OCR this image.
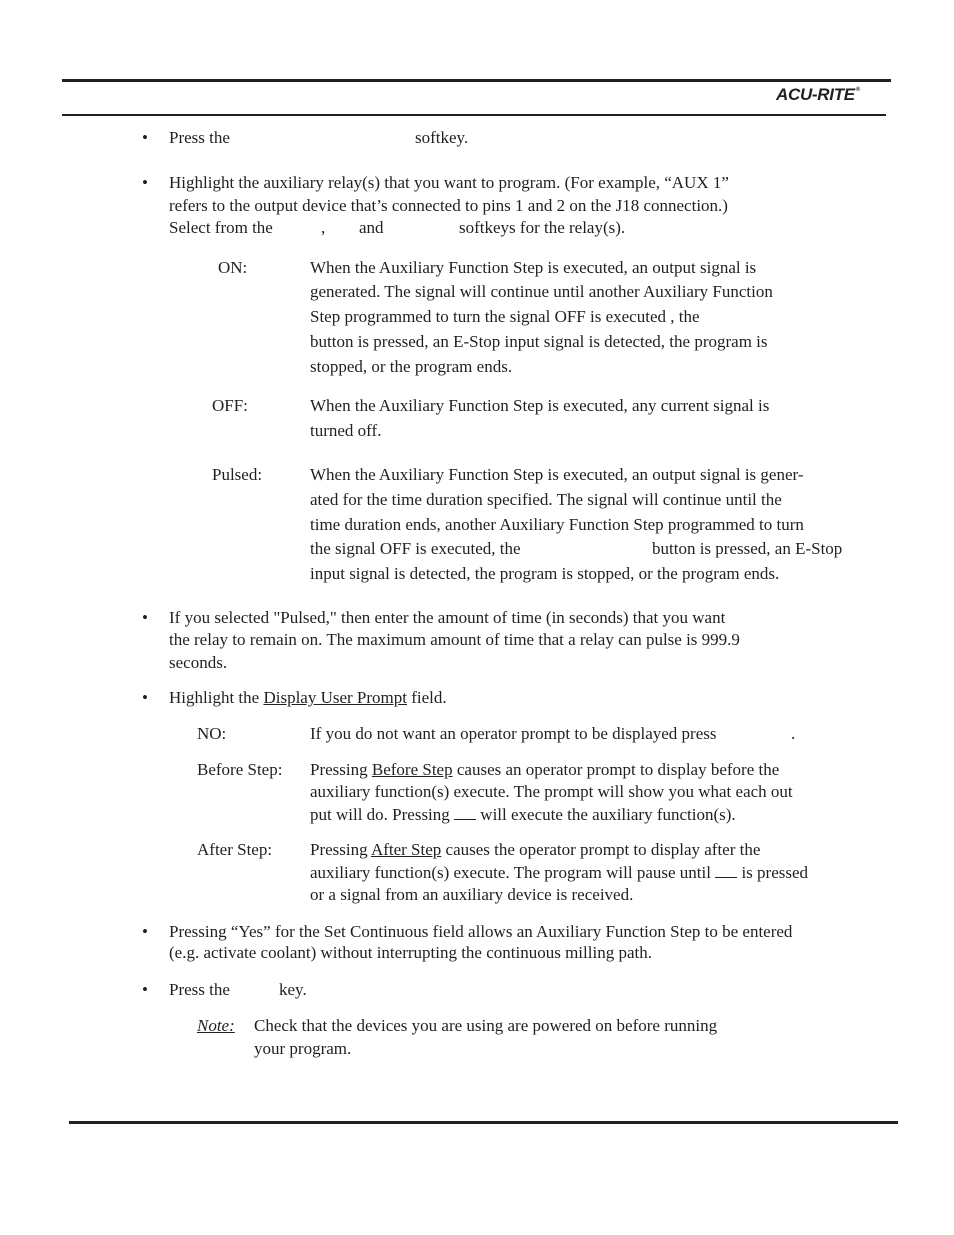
ACU-RITE®
• Press the	softkey.
• Highlight the auxiliary relay(s) that you want to program. (For example, “AUX 1”
refers to the output device that’s connected to pins 1 and 2 on the J18 connection.)
Select from the	, and	softkeys for the relay(s).
ON:	When the Auxiliary Function Step is executed, an output signal is
generated. The signal will continue until another Auxiliary Function
Step programmed to turn the signal OFF is executed , the
button is pressed, an E-Stop input signal is detected, the program is
stopped, or the program ends.
OFF:	When the Auxiliary Function Step is executed, any current signal is
turned off.
Pulsed:	When the Auxiliary Function Step is executed, an output signal is gener-
ated for the time duration specified. The signal will continue until the
time duration ends, another Auxiliary Function Step programmed to turn
the signal OFF is executed, the	button is pressed, an E-Stop
input signal is detected, the program is stopped, or the program ends.
• If you selected "Pulsed," then enter the amount of time (in seconds) that you want
the relay to remain on. The maximum amount of time that a relay can pulse is 999.9
seconds.
• Highlight the Display User Prompt field.
NO:	If you do not want an operator prompt to be displayed press	.
Before Step: Pressing Before Step causes an operator prompt to display before the
auxiliary function(s) execute. The prompt will show you what each out
put will do. Pressing will execute the auxiliary function(s).
After Step: Pressing After Step causes the operator prompt to display after the
auxiliary function(s) execute. The program will pause until is pressed
or a signal from an auxiliary device is received.
• Pressing “Yes” for the Set Continuous field allows an Auxiliary Function Step to be entered
(e.g. activate coolant) without interrupting the continuous milling path.
• Press the	key.
Note: Check that the devices you are using are powered on before running
your program.
